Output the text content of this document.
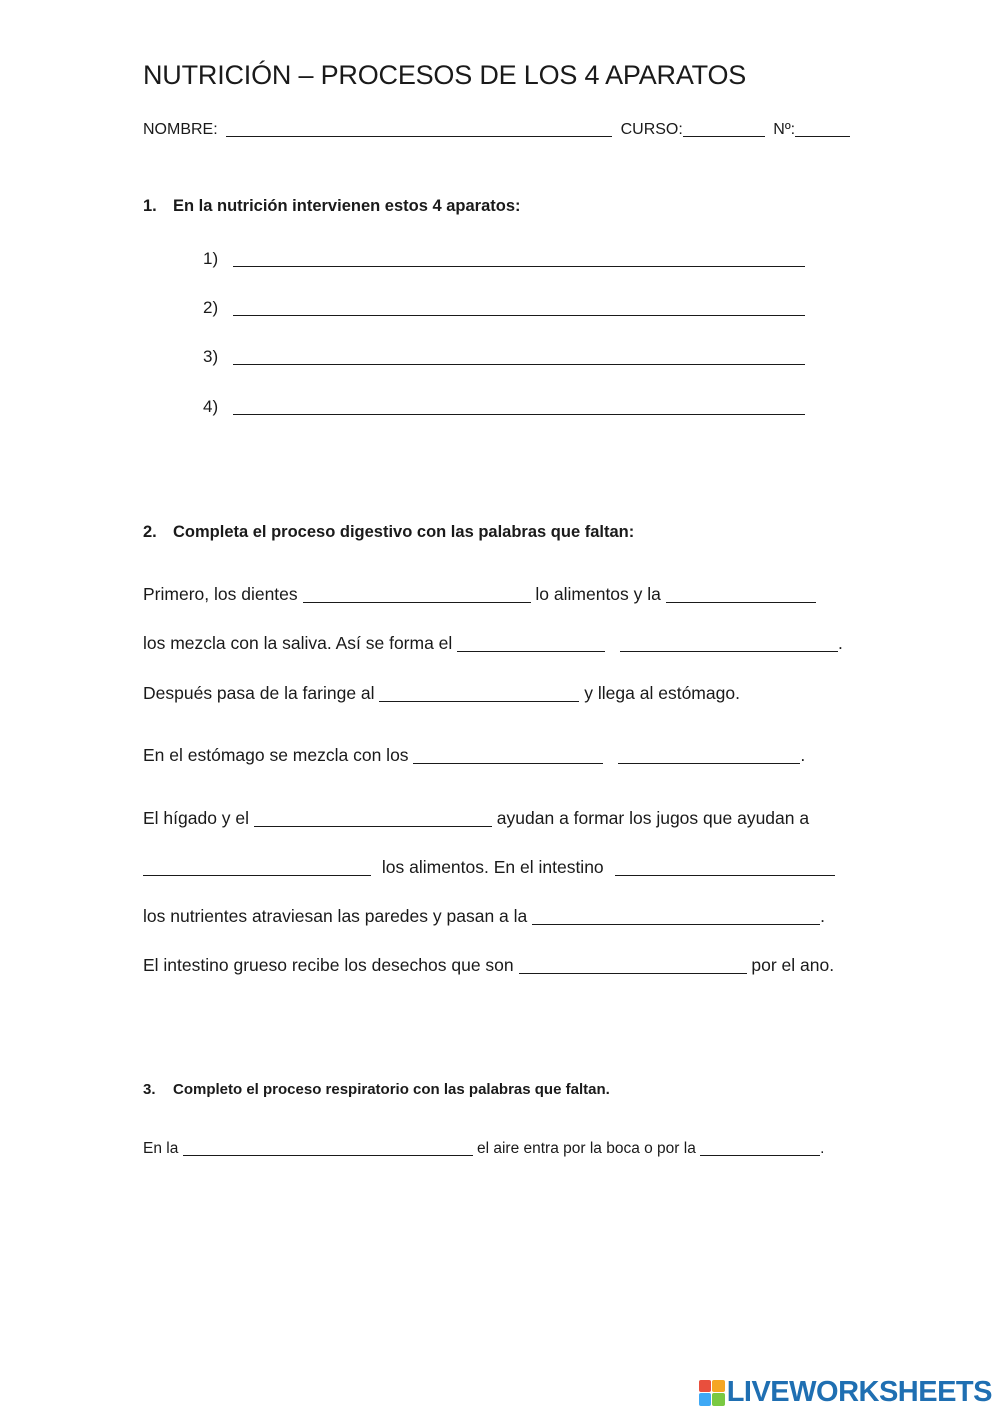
NUTRICIÓN – PROCESOS DE LOS 4 APARATOS
NOMBRE:	CURSO:	Nº:
1. En la nutrición intervienen estos 4 aparatos:
1)
2)
3)
4)
2. Completa el proceso digestivo con las palabras que faltan:
Primero, los dientes	lo alimentos y la
los mezcla con la saliva. Así se forma el	.
Después pasa de la faringe al	y llega al estómago.
En el estómago se mezcla con los	.
El hígado y el	ayudan a formar los jugos que ayudan a
los alimentos. En el intestino
los nutrientes atraviesan las paredes y pasan a la	.
El intestino grueso recibe los desechos que son	por el ano.
3. Completo el proceso respiratorio con las palabras que faltan.
En la	el aire entra por la boca o por la	.
LIVEWORKSHEETS
